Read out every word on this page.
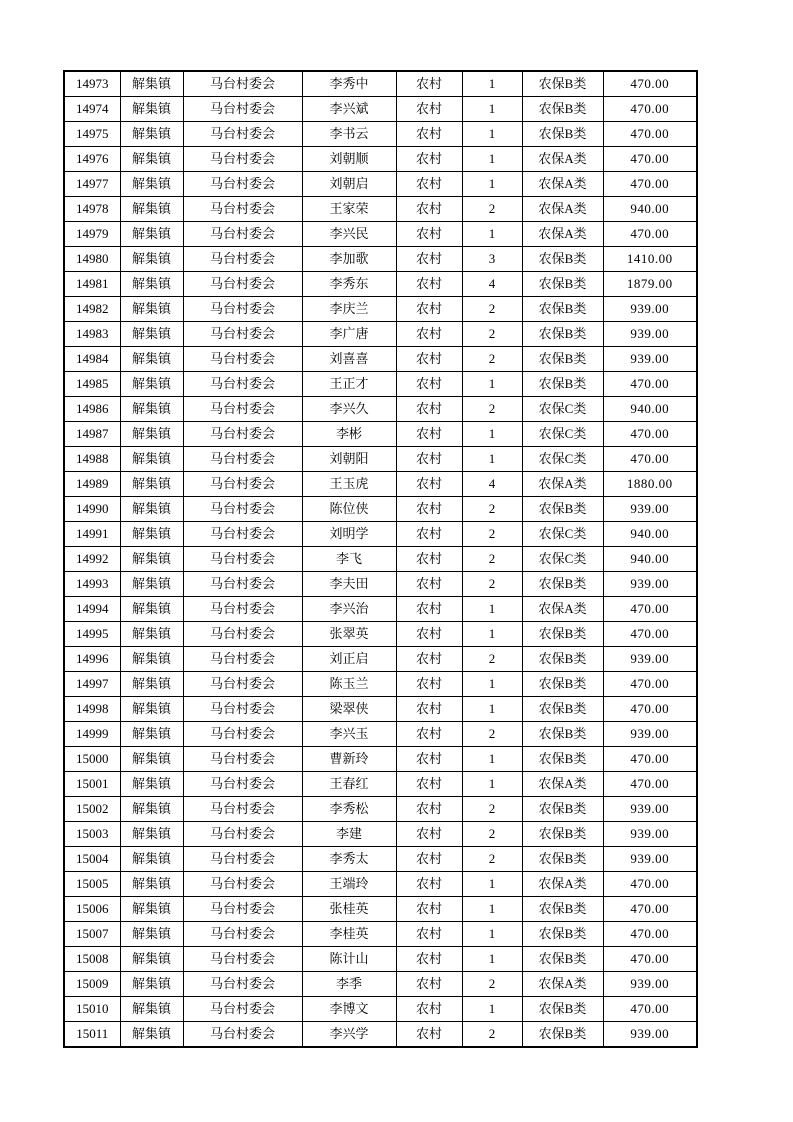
14973	解集镇	马台村委会	李秀中	农村	1	农保B类	470.00
14974	解集镇	马台村委会	李兴斌	农村	1	农保B类	470.00
14975	解集镇	马台村委会	李书云	农村	1	农保B类	470.00
14976	解集镇	马台村委会	刘朝顺	农村	1	农保A类	470.00
14977	解集镇	马台村委会	刘朝启	农村	1	农保A类	470.00
14978	解集镇	马台村委会	王家荣	农村	2	农保A类	940.00
14979	解集镇	马台村委会	李兴民	农村	1	农保A类	470.00
14980	解集镇	马台村委会	李加歌	农村	3	农保B类	1410.00
14981	解集镇	马台村委会	李秀东	农村	4	农保B类	1879.00
14982	解集镇	马台村委会	李庆兰	农村	2	农保B类	939.00
14983	解集镇	马台村委会	李广唐	农村	2	农保B类	939.00
14984	解集镇	马台村委会	刘喜喜	农村	2	农保B类	939.00
14985	解集镇	马台村委会	王正才	农村	1	农保B类	470.00
14986	解集镇	马台村委会	李兴久	农村	2	农保C类	940.00
14987	解集镇	马台村委会	李彬	农村	1	农保C类	470.00
14988	解集镇	马台村委会	刘朝阳	农村	1	农保C类	470.00
14989	解集镇	马台村委会	王玉虎	农村	4	农保A类	1880.00
14990	解集镇	马台村委会	陈位侠	农村	2	农保B类	939.00
14991	解集镇	马台村委会	刘明学	农村	2	农保C类	940.00
14992	解集镇	马台村委会	李飞	农村	2	农保C类	940.00
14993	解集镇	马台村委会	李夫田	农村	2	农保B类	939.00
14994	解集镇	马台村委会	李兴治	农村	1	农保A类	470.00
14995	解集镇	马台村委会	张翠英	农村	1	农保B类	470.00
14996	解集镇	马台村委会	刘正启	农村	2	农保B类	939.00
14997	解集镇	马台村委会	陈玉兰	农村	1	农保B类	470.00
14998	解集镇	马台村委会	梁翠侠	农村	1	农保B类	470.00
14999	解集镇	马台村委会	李兴玉	农村	2	农保B类	939.00
15000	解集镇	马台村委会	曹新玲	农村	1	农保B类	470.00
15001	解集镇	马台村委会	王春红	农村	1	农保A类	470.00
15002	解集镇	马台村委会	李秀松	农村	2	农保B类	939.00
15003	解集镇	马台村委会	李建	农村	2	农保B类	939.00
15004	解集镇	马台村委会	李秀太	农村	2	农保B类	939.00
15005	解集镇	马台村委会	王端玲	农村	1	农保A类	470.00
15006	解集镇	马台村委会	张桂英	农村	1	农保B类	470.00
15007	解集镇	马台村委会	李桂英	农村	1	农保B类	470.00
15008	解集镇	马台村委会	陈计山	农村	1	农保B类	470.00
15009	解集镇	马台村委会	李季	农村	2	农保A类	939.00
15010	解集镇	马台村委会	李博文	农村	1	农保B类	470.00
15011	解集镇	马台村委会	李兴学	农村	2	农保B类	939.00
